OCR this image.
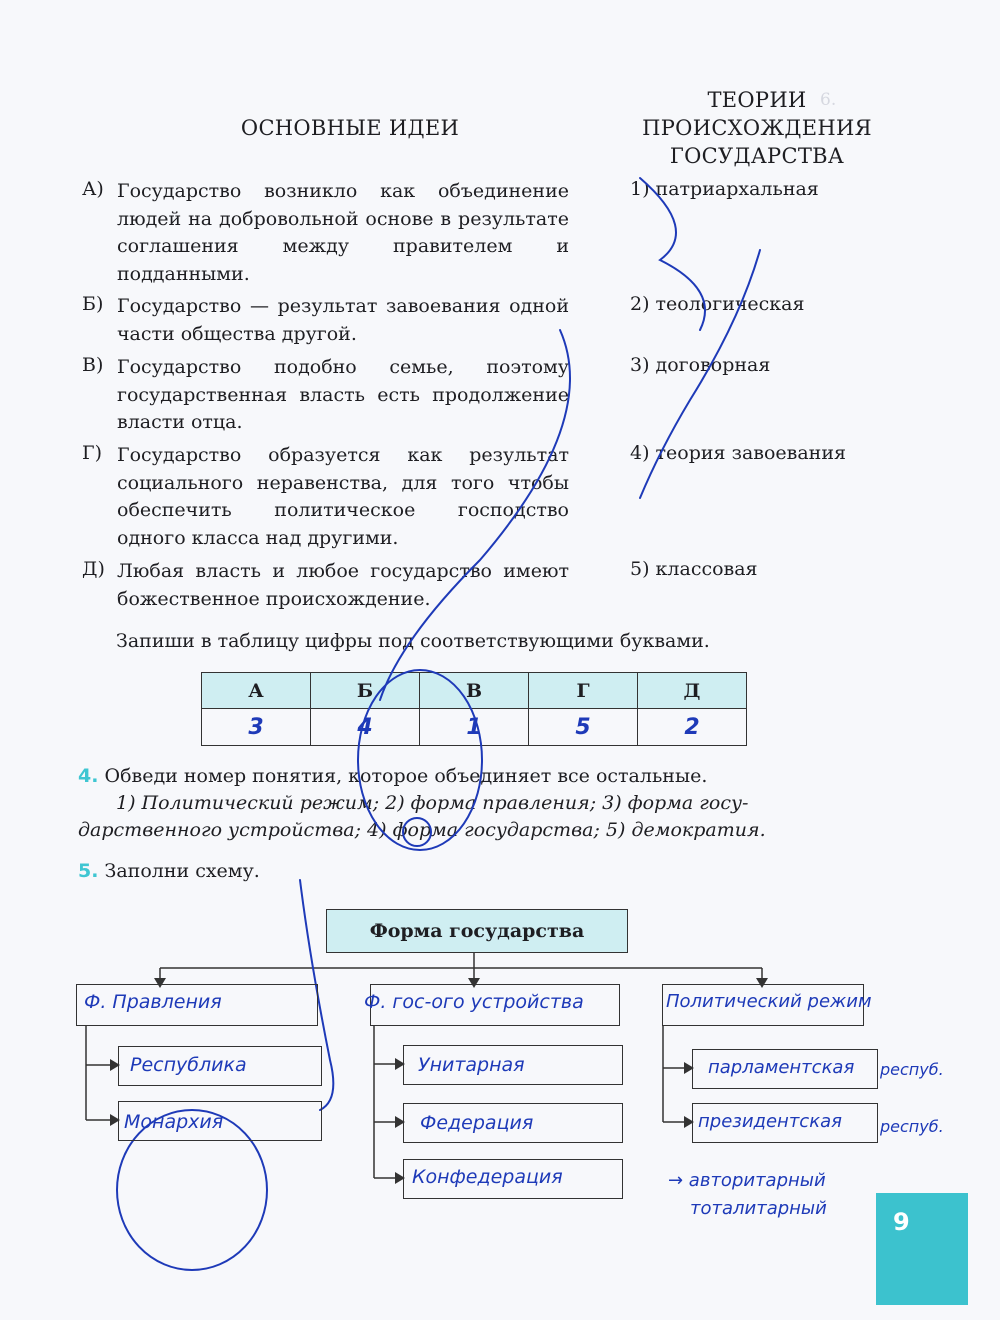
6.
ОСНОВНЫЕ ИДЕИ
ТЕОРИИ
ПРОИСХОЖДЕНИЯ
ГОСУДАРСТВА
А) Государство возникло как объединение людей на добровольной основе в результате соглашения между правителем и подданными.
Б) Государство — результат завоевания одной части общества другой.
В) Государство подобно семье, поэтому государственная власть есть продолжение власти отца.
Г) Государство образуется как результат социального неравенства, для того чтобы обеспечить политическое господство одного класса над другими.
Д) Любая власть и любое государство имеют божественное происхождение.
1) патриархальная
2) теологическая
3) договорная
4) теория завоевания
5) классовая
Запиши в таблицу цифры под соответствующими буквами.
А	Б	В	Г	Д
3	4	1	5	2
4. Обведи номер понятия, которое объединяет все остальные.
1) Политический режим; 2) форма правления; 3) форма госу-
дарственного устройства; 4) форма государства; 5) демократия.
5. Заполни схему.
Форма государства
Ф. Правления
Республика
Монархия
Ф. гос-ого устройства
Унитарная
Федерация
Конфедерация
Политический режим
парламентская респуб.
президентская респуб.
→ авторитарный
тоталитарный	9
